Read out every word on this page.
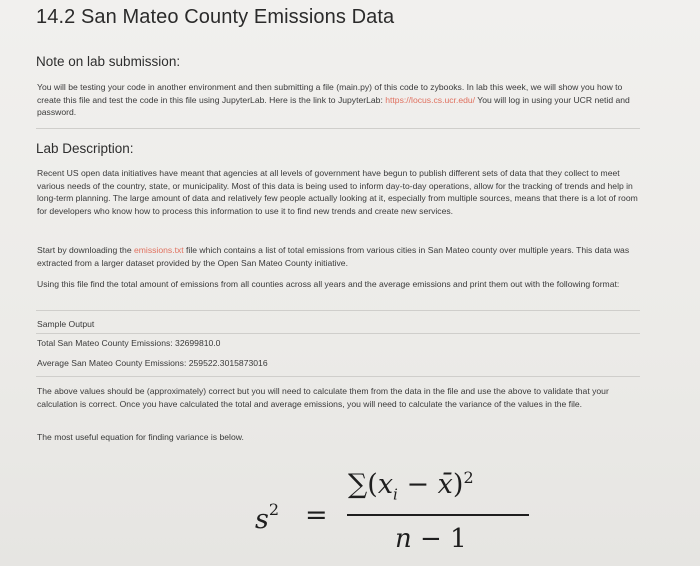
14.2 San Mateo County Emissions Data
Note on lab submission:
You will be testing your code in another environment and then submitting a file (main.py) of this code to zybooks. In lab this week, we will show you how to create this file and test the code in this file using JupyterLab. Here is the link to JupyterLab: https://locus.cs.ucr.edu/ You will log in using your UCR netid and password.
Lab Description:
Recent US open data initiatives have meant that agencies at all levels of government have begun to publish different sets of data that they collect to meet various needs of the country, state, or municipality. Most of this data is being used to inform day-to-day operations, allow for the tracking of trends and help in long-term planning. The large amount of data and relatively few people actually looking at it, especially from multiple sources, means that there is a lot of room for developers who know how to process this information to use it to find new trends and create new services.
Start by downloading the emissions.txt file which contains a list of total emissions from various cities in San Mateo county over multiple years. This data was extracted from a larger dataset provided by the Open San Mateo County initiative.
Using this file find the total amount of emissions from all counties across all years and the average emissions and print them out with the following format:
Sample Output
Total San Mateo County Emissions: 32699810.0
Average San Mateo County Emissions: 259522.3015873016
The above values should be (approximately) correct but you will need to calculate them from the data in the file and use the above to validate that your calculation is correct. Once you have calculated the total and average emissions, you will need to calculate the variance of the values in the file.
The most useful equation for finding variance is below.
$s^2$ =
$\sum(x_i$ − x̄)$^2$
n − 1
